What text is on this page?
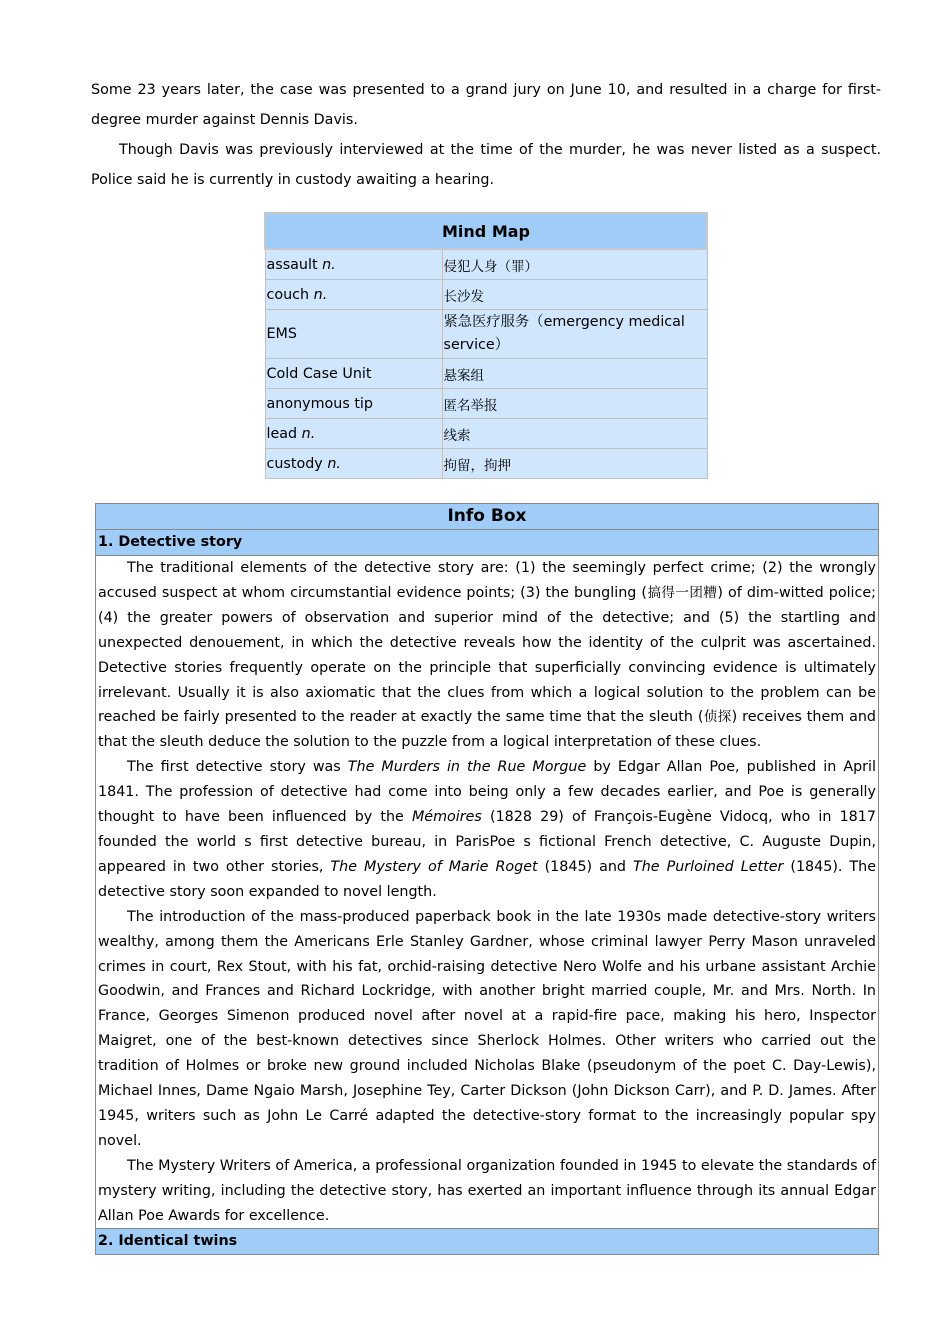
Some 23 years later, the case was presented to a grand jury on June 10, and resulted in a charge for first-degree murder against Dennis Davis.

Though Davis was previously interviewed at the time of the murder, he was never listed as a suspect. Police said he is currently in custody awaiting a hearing.

Mind Map	
assault n.	侵犯人身（罪）
couch n.	长沙发
EMS	紧急医疗服务（emergency medical service）
Cold Case Unit	悬案组
anonymous tip	匿名举报
lead n.	线索
custody n.	拘留，拘押
Info Box
1. Detective story

The traditional elements of the detective story are: (1) the seemingly perfect crime; (2) the wrongly accused suspect at whom circumstantial evidence points; (3) the bungling (搞得一团糟) of dim-witted police; (4) the greater powers of observation and superior mind of the detective; and (5) the startling and unexpected denouement, in which the detective reveals how the identity of the culprit was ascertained. Detective stories frequently operate on the principle that superficially convincing evidence is ultimately irrelevant. Usually it is also axiomatic that the clues from which a logical solution to the problem can be reached be fairly presented to the reader at exactly the same time that the sleuth (侦探) receives them and that the sleuth deduce the solution to the puzzle from a logical interpretation of these clues.

The first detective story was The Murders in the Rue Morgue by Edgar Allan Poe, published in April 1841. The profession of detective had come into being only a few decades earlier, and Poe is generally thought to have been influenced by the Mémoires (1828 29) of François-Eugène Vidocq, who in 1817 founded the world s first detective bureau, in ParisPoe s fictional French detective, C. Auguste Dupin, appeared in two other stories, The Mystery of Marie Roget (1845) and The Purloined Letter (1845). The detective story soon expanded to novel length.

The introduction of the mass-produced paperback book in the late 1930s made detective-story writers wealthy, among them the Americans Erle Stanley Gardner, whose criminal lawyer Perry Mason unraveled crimes in court, Rex Stout, with his fat, orchid-raising detective Nero Wolfe and his urbane assistant Archie Goodwin, and Frances and Richard Lockridge, with another bright married couple, Mr. and Mrs. North. In France, Georges Simenon produced novel after novel at a rapid-fire pace, making his hero, Inspector Maigret, one of the best-known detectives since Sherlock Holmes. Other writers who carried out the tradition of Holmes or broke new ground included Nicholas Blake (pseudonym of the poet C. Day-Lewis), Michael Innes, Dame Ngaio Marsh, Josephine Tey, Carter Dickson (John Dickson Carr), and P. D. James. After 1945, writers such as John Le Carré adapted the detective-story format to the increasingly popular spy novel.

The Mystery Writers of America, a professional organization founded in 1945 to elevate the standards of mystery writing, including the detective story, has exerted an important influence through its annual Edgar Allan Poe Awards for excellence.

2. Identical twins
